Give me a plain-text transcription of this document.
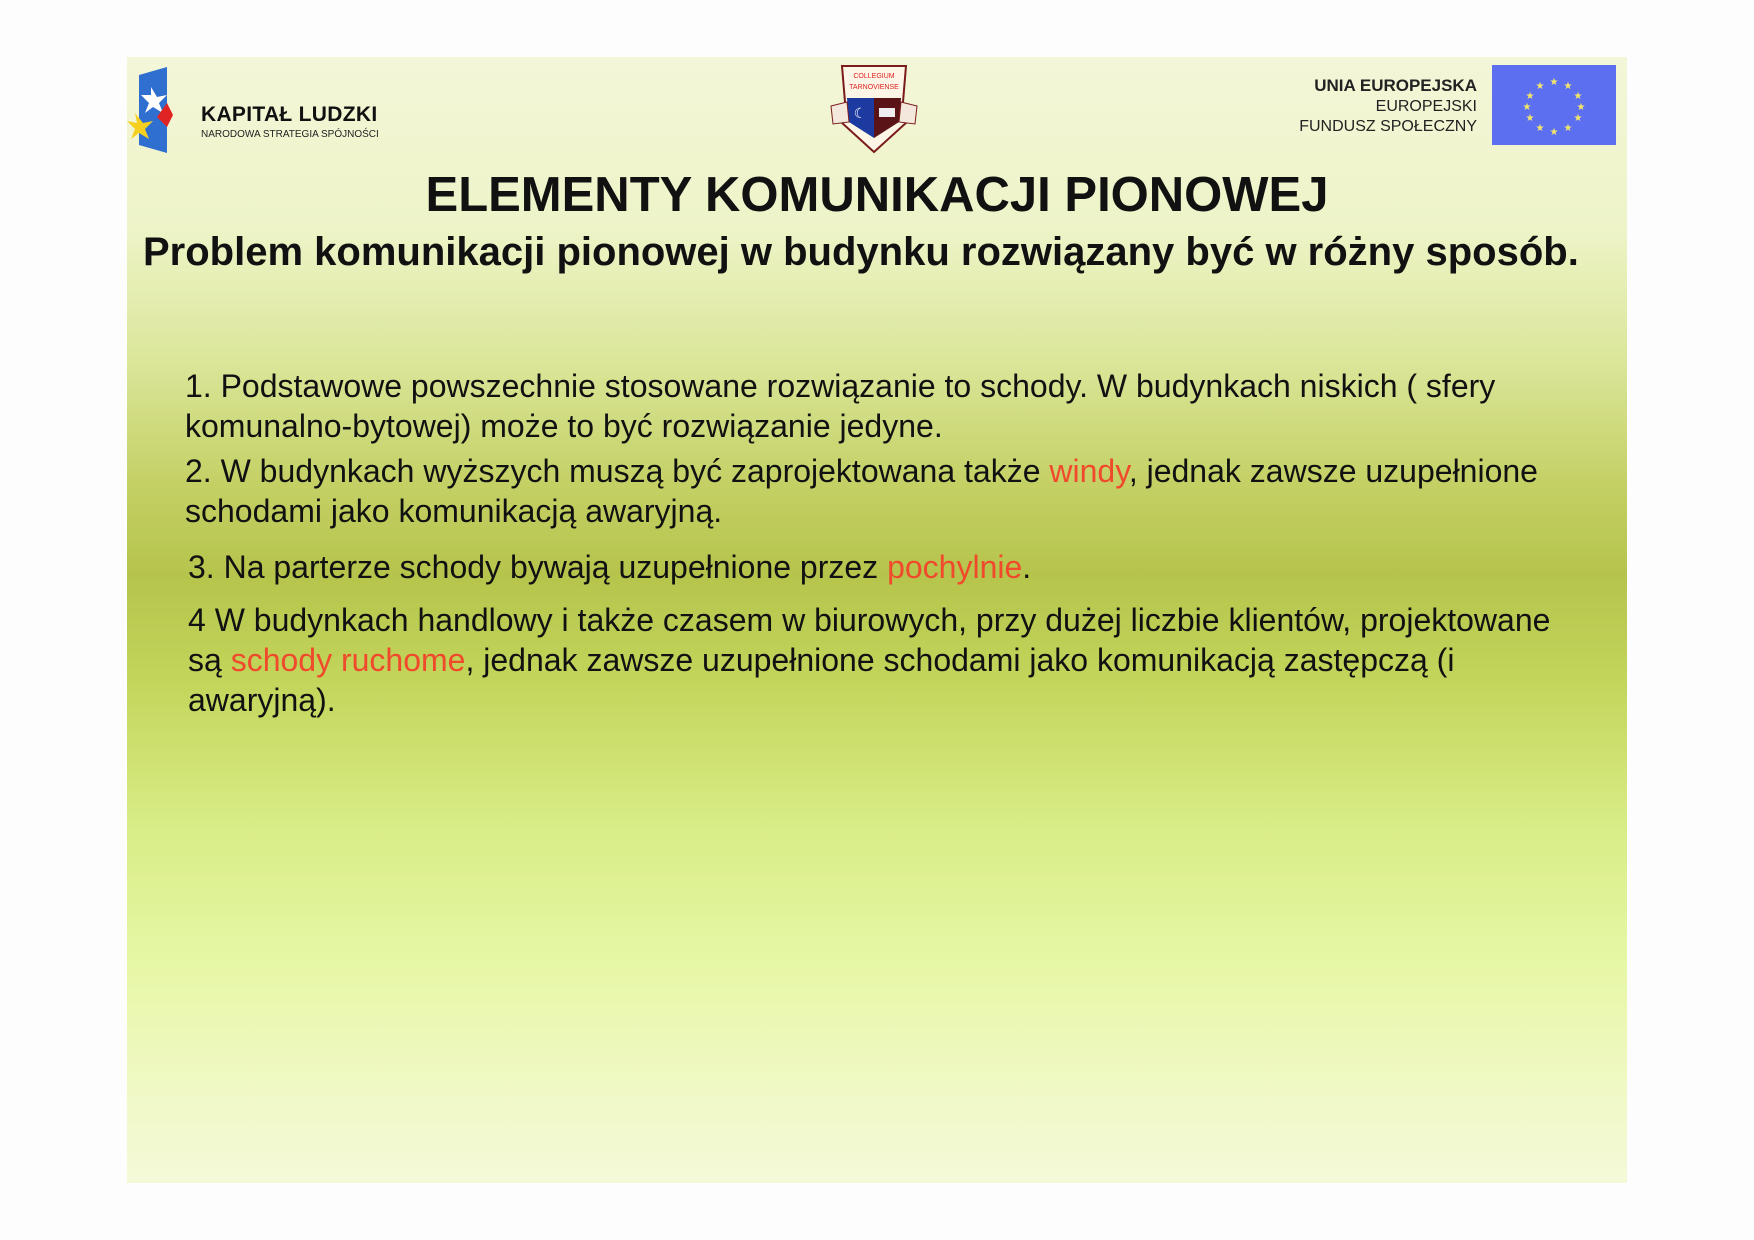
KAPITAŁ LUDZKI
NARODOWA STRATEGIA SPÓJNOŚCI
COLLEGIUM
TARNOVIENSE
☾
UNIA EUROPEJSKA
EUROPEJSKI
FUNDUSZ SPOŁECZNY
★ ★
★
★
★
★
★
★
★
★
★
★
ELEMENTY KOMUNIKACJI PIONOWEJ
Problem komunikacji pionowej w budynku rozwiązany być w różny sposób.
1. Podstawowe powszechnie stosowane rozwiązanie to schody. W budynkach niskich ( sfery komunalno-bytowej) może to być rozwiązanie jedyne.
2. W budynkach wyższych muszą być zaprojektowana także windy, jednak zawsze uzupełnione schodami jako komunikacją awaryjną.
3. Na parterze schody bywają uzupełnione przez pochylnie.
4 W budynkach handlowy i także czasem w biurowych, przy dużej liczbie klientów, projektowane są schody ruchome, jednak zawsze uzupełnione schodami jako komunikacją zastępczą (i awaryjną).
